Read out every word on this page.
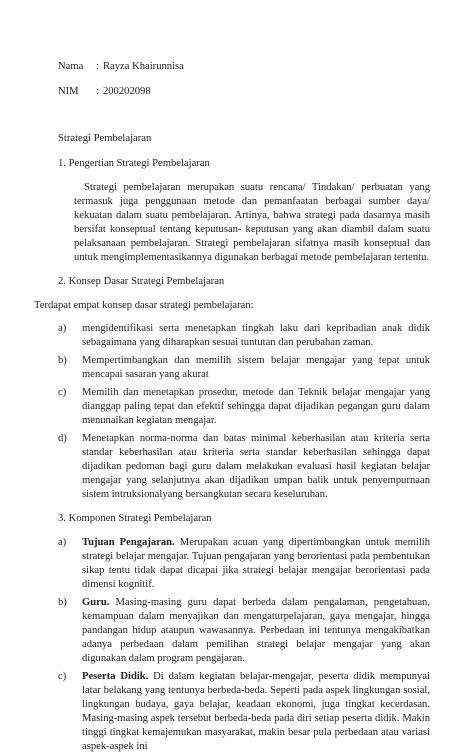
Nama	: Rayza Khairunnisa
NIM	: 200202098
Strategi Pembelajaran
1. Pengertian Strategi Pembelajaran
Strategi pembelajaran merupakan suatu rencana/ Tindakan/ perbuatan yang termasuk juga penggunaan metode dan pemanfaatan berbagai sumber daya/ kekuatan dalam suatu pembelajaran. Artinya, bahwa strategi pada dasarnya masih bersifat konseptual tentang keputusan- keputusan yang akan diambil dalam suatu pelaksanaan pembelajaran. Strategi pembelajaran sifatnya masih konseptual dan untuk mengimplementasikannya digunakan berbagai metode pembelajaran tertentu.
2. Konsep Dasar Strategi Pembelajaran
Terdapat empat konsep dasar strategi pembelajaran:
a)	mengidentifikasi serta menetapkan tingkah laku dari kepribadian anak didik sebagaimana yang diharapkan sesuai tuntutan dan perubahan zaman.
b)	Mempertimbangkan dan memilih sistem belajar mengajar yang tepat untuk mencapai sasaran yang akurat
c)	Memilih dan menetapkan prosedur, metode dan Teknik belajar mengajar yang dianggap paling tepat dan efektif sehingga dapat dijadikan pegangan guru dalam menunaikan kegiatan mengajar.
d)	Menetapkan norma-norma dan batas minimal keberhasilan atau kriteria serta standar keberhasilan atau kriteria serta standar keberhasilan sehingga dapat dijadikan pedoman bagi guru dalam melakukan evaluasi hasil kegiatan belajar mengajar yang selanjutnya akan dijadikan umpan balik untuk penyempurnaan sistem intruksionalyang bersangkutan secara keseluruhan.
3. Komponen Strategi Pembelajaran
a)	Tujuan Pengajaran. Merupakan acuan yang dipertimbangkan untuk memilih strategi belajar mengajar. Tujuan pengajaran yang berorientasi pada pembentukan sikap tentu tidak dapat dicapai jika strategi belajar mengajar berorientasi pada dimensi kognitif.
b)	Guru. Masing-masing guru dapat berbeda dalam pengalaman, pengetahuan, kemampuan dalam menyajikan dan mengaturpelajaran, gaya mengajar, hingga pandangan hidup ataupun wawasannya. Perbedaan ini tentunya mengakibatkan adanya perbedaan dalam pemilihan strategi belajar mengajar yang akan digunakan dalam program pengajaran.
c)	Peserta Didik. Di dalam kegiatan belajar-mengajar, peserta didik mempunyai latar belakang yang tentunya berbeda-beda. Seperti pada aspek lingkungan sosial, lingkungan budaya, gaya belajar, keadaan ekonomi, juga tingkat kecerdasan. Masing-masing aspek tersebut berbeda-beda pada diri setiap peserta didik. Makin tinggi tingkat kemajemukan masyarakat, makin besar pula perbedaan atau variasi aspek-aspek ini
